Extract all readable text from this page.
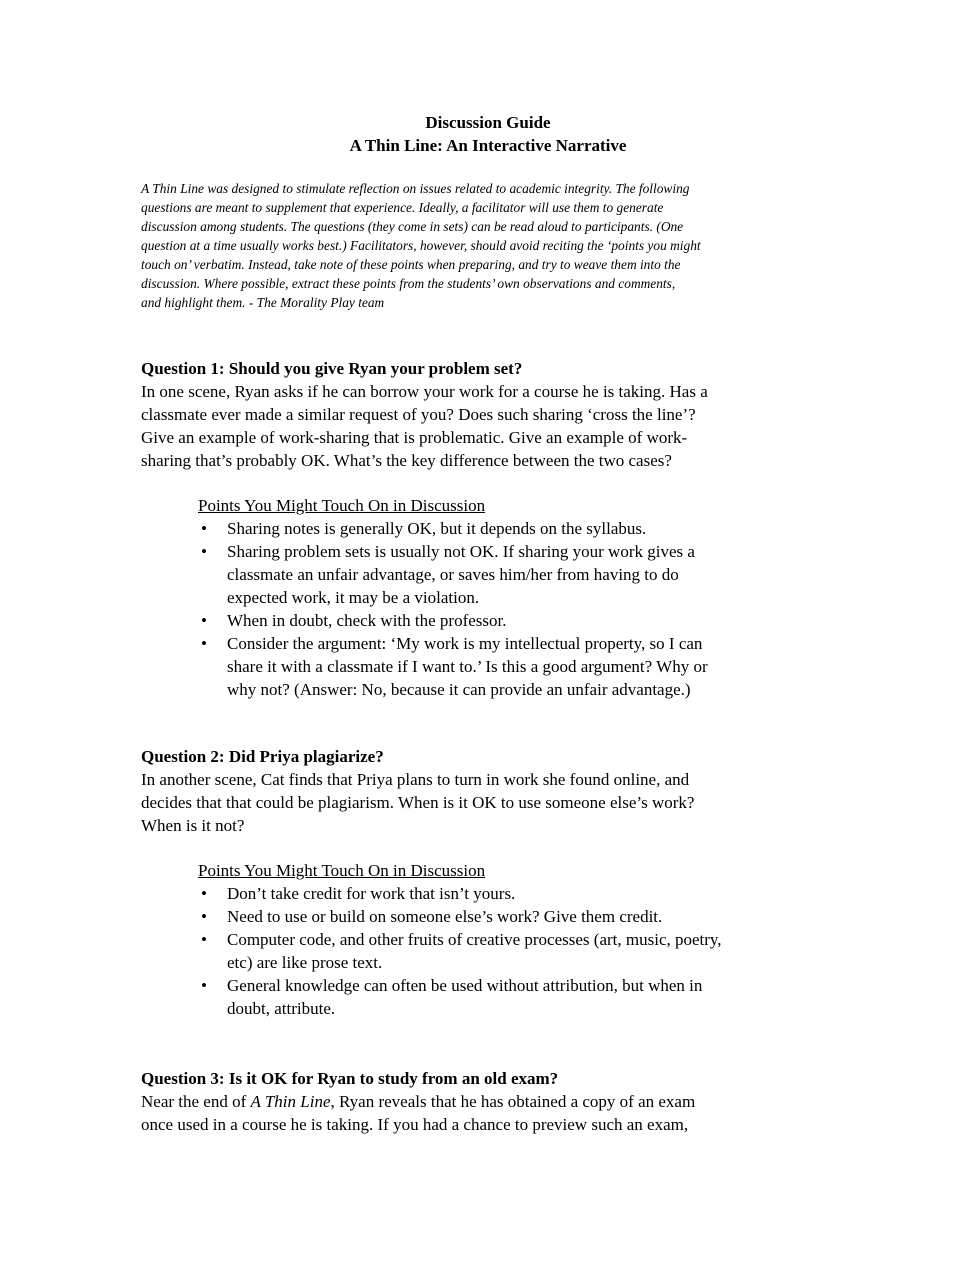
Discussion Guide
A Thin Line: An Interactive Narrative

A Thin Line was designed to stimulate reflection on issues related to academic integrity. The following

questions are meant to supplement that experience. Ideally, a facilitator will use them to generate

discussion among students. The questions (they come in sets) can be read aloud to participants. (One

question at a time usually works best.) Facilitators, however, should avoid reciting the ‘points you might

touch on’ verbatim. Instead, take note of these points when preparing, and try to weave them into the

discussion. Where possible, extract these points from the students’ own observations and comments,

and highlight them. - The Morality Play team

Question 1: Should you give Ryan your problem set?

In one scene, Ryan asks if he can borrow your work for a course he is taking. Has a

classmate ever made a similar request of you? Does such sharing ‘cross the line’?

Give an example of work-sharing that is problematic. Give an example of work-

sharing that’s probably OK. What’s the key difference between the two cases?

Points You Might Touch On in Discussion
• Sharing notes is generally OK, but it depends on the syllabus.

• Sharing problem sets is usually not OK. If sharing your work gives a

classmate an unfair advantage, or saves him/her from having to do

expected work, it may be a violation.

• When in doubt, check with the professor.

• Consider the argument: ‘My work is my intellectual property, so I can

share it with a classmate if I want to.’ Is this a good argument? Why or

why not? (Answer: No, because it can provide an unfair advantage.)

Question 2: Did Priya plagiarize?

In another scene, Cat finds that Priya plans to turn in work she found online, and

decides that that could be plagiarism. When is it OK to use someone else’s work?

When is it not?

Points You Might Touch On in Discussion
• Don’t take credit for work that isn’t yours.

• Need to use or build on someone else’s work? Give them credit.

• Computer code, and other fruits of creative processes (art, music, poetry,

etc) are like prose text.

• General knowledge can often be used without attribution, but when in

doubt, attribute.

Question 3: Is it OK for Ryan to study from an old exam?

Near the end of A Thin Line, Ryan reveals that he has obtained a copy of an exam

once used in a course he is taking. If you had a chance to preview such an exam,
